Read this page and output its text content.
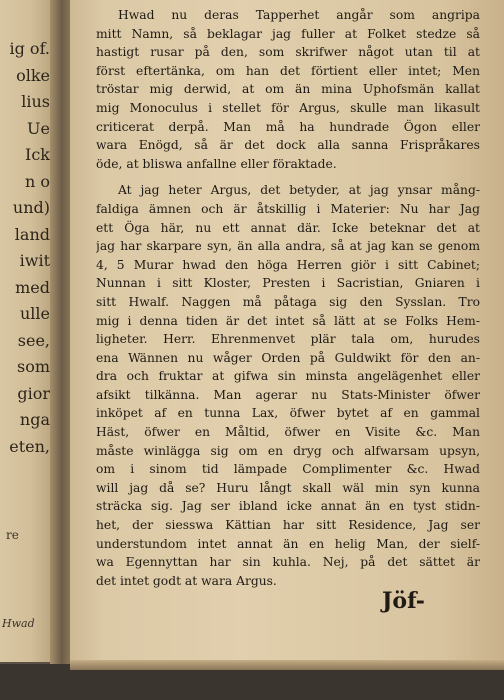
ig of.
olke
lius
Ue
Ick
n o
und)
land
iwit
med
ulle
see,
som
gior
nga
eten,
re
Hwad
Hwad nu deras Tapperhet angår som angripa
mitt Namn, så beklagar jag fuller at Folket stedze så
hastigt rusar på den, som skrifwer något utan til at
först eftertänka, om han det förtient eller intet; Men
tröstar mig derwid, at om än mina Uphofsmän kallat
mig Monoculus i stellet för Argus, skulle man likasult
criticerat derpå. Man må ha hundrade Ögon eller
wara Enögd, så är det dock alla sanna Frispråkares
öde, at bliswa anfallne eller föraktade.
At jag heter Argus, det betyder, at jag ynsar mång-
faldiga ämnen och är åtskillig i Materier: Nu har Jag
ett Öga här, nu ett annat där. Icke beteknar det at
jag har skarpare syn, än alla andra, så at jag kan se genom
4, 5 Murar hwad den höga Herren giör i sitt Cabinet;
Nunnan i sitt Kloster, Presten i Sacristian, Gniaren i
sitt Hwalf. Naggen må påtaga sig den Sysslan. Tro
mig i denna tiden är det intet så lätt at se Folks Hem-
ligheter. Herr. Ehrenmenvet plär tala om, hurudes
ena Wännen nu wåger Orden på Guldwikt för den an-
dra och fruktar at gifwa sin minsta angelägenhet eller
afsikt tilkänna. Man agerar nu Stats-Minister öfwer
inköpet af en tunna Lax, öfwer bytet af en gammal
Häst, öfwer en Måltid, öfwer en Visite &c. Man
måste winlägga sig om en dryg och alfwarsam upsyn,
om i sinom tid lämpade Complimenter &c. Hwad
will jag då se? Huru långt skall wäl min syn kunna
sträcka sig. Jag ser ibland icke annat än en tyst stidn-
het, der siesswa Kättian har sitt Residence, Jag ser
understundom intet annat än en helig Man, der sielf-
wa Egennyttan har sin kuhla. Nej, på det sättet är
det intet godt at wara Argus.
Jöf-
